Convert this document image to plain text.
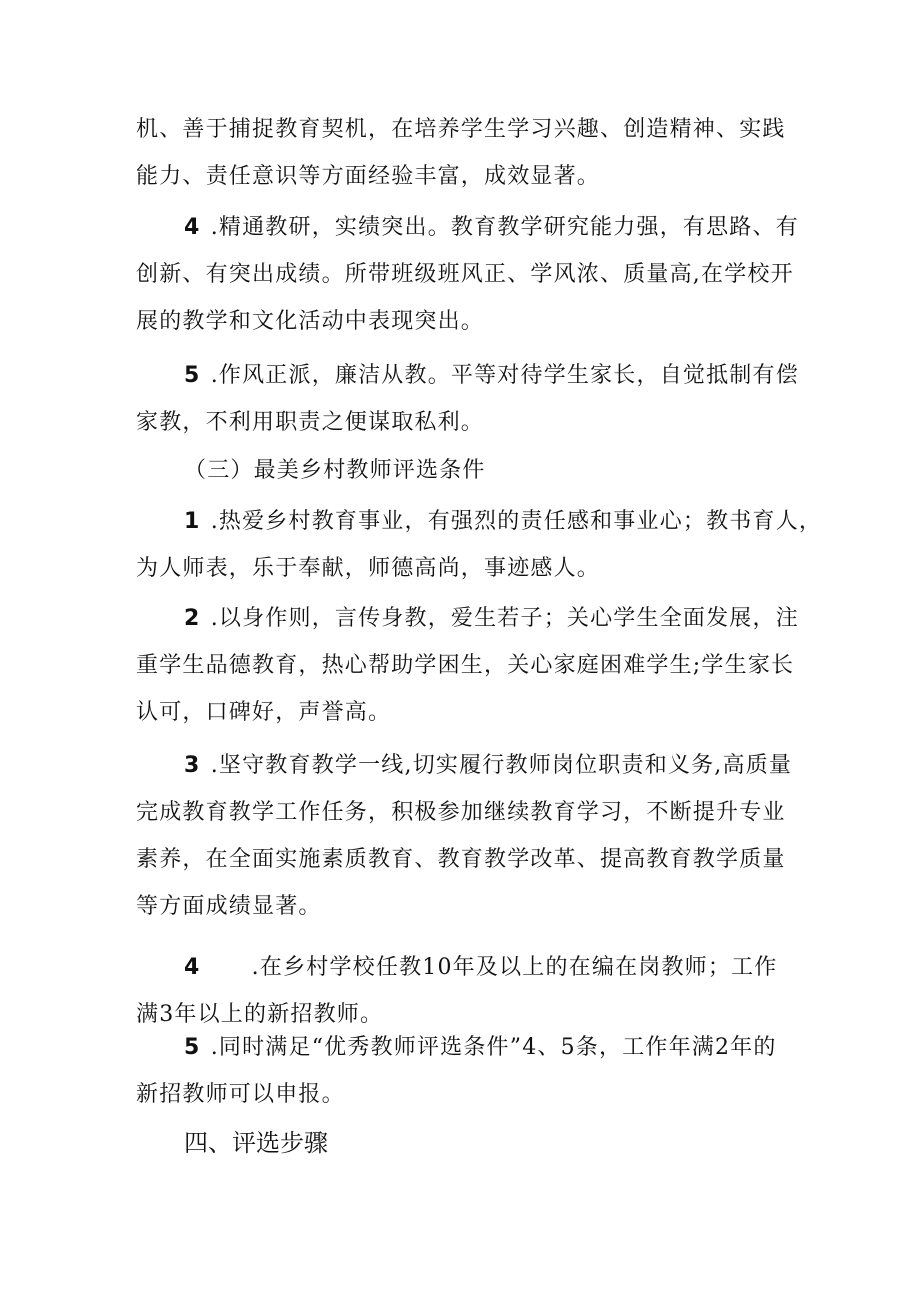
机、善于捕捉教育契机，在培养学生学习兴趣、创造精神、实践
能力、责任意识等方面经验丰富，成效显著。
4 .精通教研，实绩突出。教育教学研究能力强，有思路、有
创新、有突出成绩。所带班级班风正、学风浓、质量高,在学校开
展的教学和文化活动中表现突出。
5 .作风正派，廉洁从教。平等对待学生家长，自觉抵制有偿
家教，不利用职责之便谋取私利。
（三）最美乡村教师评选条件
1 .热爱乡村教育事业，有强烈的责任感和事业心；教书育人，
为人师表，乐于奉献，师德高尚，事迹感人。
2 .以身作则，言传身教，爱生若子；关心学生全面发展，注
重学生品德教育，热心帮助学困生，关心家庭困难学生;学生家长
认可，口碑好，声誉高。
3 .坚守教育教学一线,切实履行教师岗位职责和义务,高质量
完成教育教学工作任务，积极参加继续教育学习，不断提升专业
素养，在全面实施素质教育、教育教学改革、提高教育教学质量
等方面成绩显著。
4      .在乡村学校任教10年及以上的在编在岗教师；工作
满3年以上的新招教师。
5 .同时满足“优秀教师评选条件”4、5条，工作年满2年的
新招教师可以申报。
四、评选步骤
